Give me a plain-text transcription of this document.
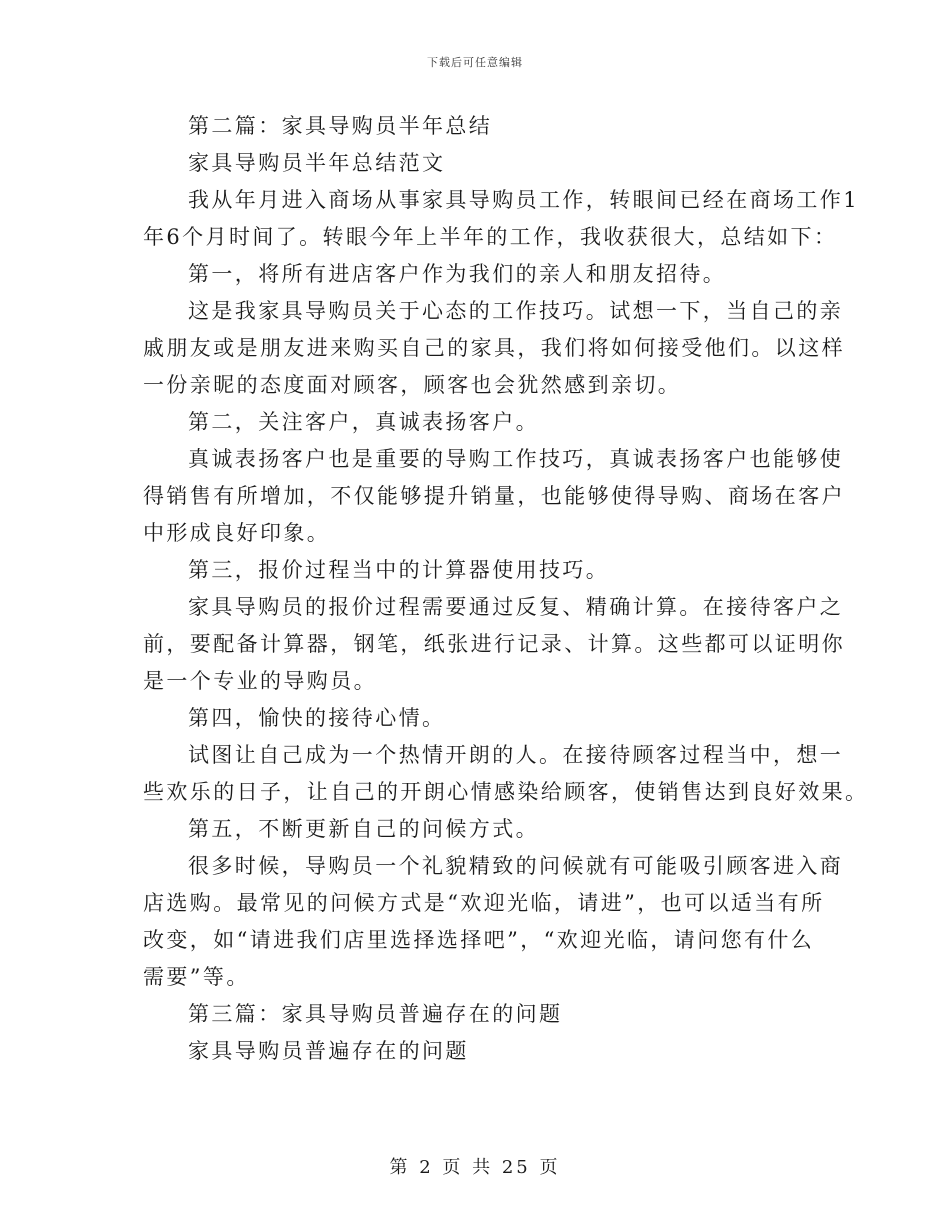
下载后可任意编辑
第二篇：家具导购员半年总结
家具导购员半年总结范文
我从年月进入商场从事家具导购员工作，转眼间已经在商场工作1
年6个月时间了。转眼今年上半年的工作，我收获很大，总结如下：
第一，将所有进店客户作为我们的亲人和朋友招待。
这是我家具导购员关于心态的工作技巧。试想一下，当自己的亲
戚朋友或是朋友进来购买自己的家具，我们将如何接受他们。以这样
一份亲昵的态度面对顾客，顾客也会犹然感到亲切。
第二，关注客户，真诚表扬客户。
真诚表扬客户也是重要的导购工作技巧，真诚表扬客户也能够使
得销售有所增加，不仅能够提升销量，也能够使得导购、商场在客户
中形成良好印象。
第三，报价过程当中的计算器使用技巧。
家具导购员的报价过程需要通过反复、精确计算。在接待客户之
前，要配备计算器，钢笔，纸张进行记录、计算。这些都可以证明你
是一个专业的导购员。
第四，愉快的接待心情。
试图让自己成为一个热情开朗的人。在接待顾客过程当中，想一
些欢乐的日子，让自己的开朗心情感染给顾客，使销售达到良好效果。
第五，不断更新自己的问候方式。
很多时候，导购员一个礼貌精致的问候就有可能吸引顾客进入商
店选购。最常见的问候方式是“欢迎光临，请进”，也可以适当有所
改变，如“请进我们店里选择选择吧”，“欢迎光临，请问您有什么
需要”等。
第三篇：家具导购员普遍存在的问题
家具导购员普遍存在的问题
第 2 页 共 25 页
